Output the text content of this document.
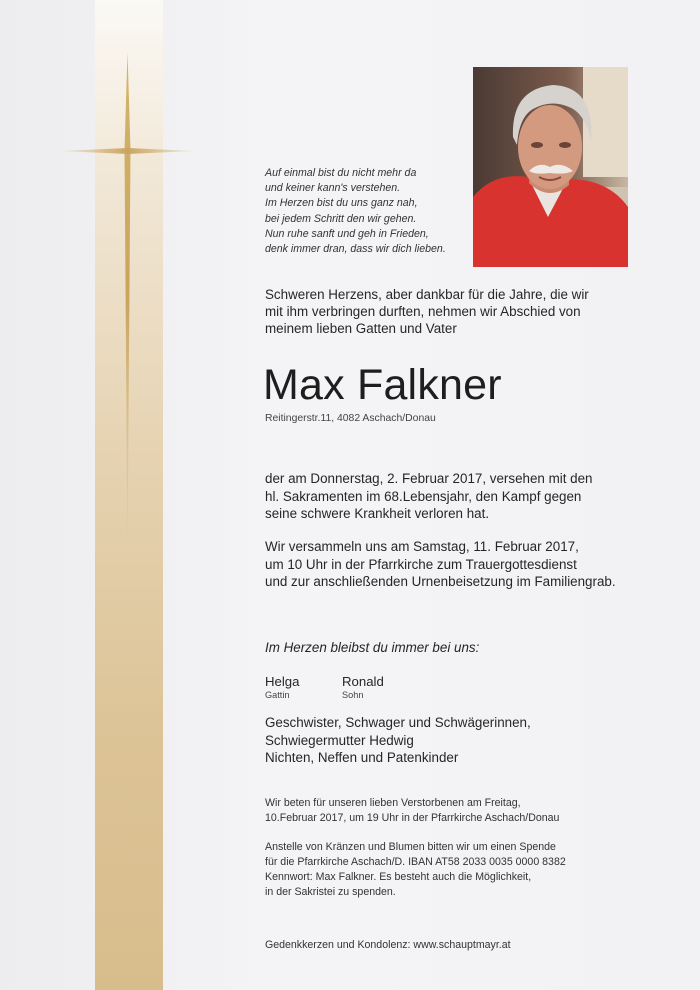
Auf einmal bist du nicht mehr da
und keiner kann's verstehen.
Im Herzen bist du uns ganz nah,
bei jedem Schritt den wir gehen.
Nun ruhe sanft und geh in Frieden,
denk immer dran, dass wir dich lieben.
Schweren Herzens, aber dankbar für die Jahre, die wir
mit ihm verbringen durften, nehmen wir Abschied von
meinem lieben Gatten und Vater
Max Falkner
Reitingerstr.11, 4082 Aschach/Donau
der am Donnerstag, 2. Februar 2017, versehen mit den
hl. Sakramenten im 68.Lebensjahr, den Kampf gegen
seine schwere Krankheit verloren hat.
Wir versammeln uns am Samstag, 11. Februar 2017,
um 10 Uhr in der Pfarrkirche zum Trauergottesdienst
und zur anschließenden Urnenbeisetzung im Familiengrab.
Im Herzen bleibst du immer bei uns:
Helga
Gattin
Ronald
Sohn
Geschwister, Schwager und Schwägerinnen,
Schwiegermutter Hedwig
Nichten, Neffen und Patenkinder
Wir beten für unseren lieben Verstorbenen am Freitag,
10.Februar 2017, um 19 Uhr in der Pfarrkirche Aschach/Donau
Anstelle von Kränzen und Blumen bitten wir um einen Spende
für die Pfarrkirche Aschach/D. IBAN AT58 2033 0035 0000 8382
Kennwort: Max Falkner. Es besteht auch die Möglichkeit,
in der Sakristei zu spenden.
Gedenkkerzen und Kondolenz: www.schauptmayr.at
